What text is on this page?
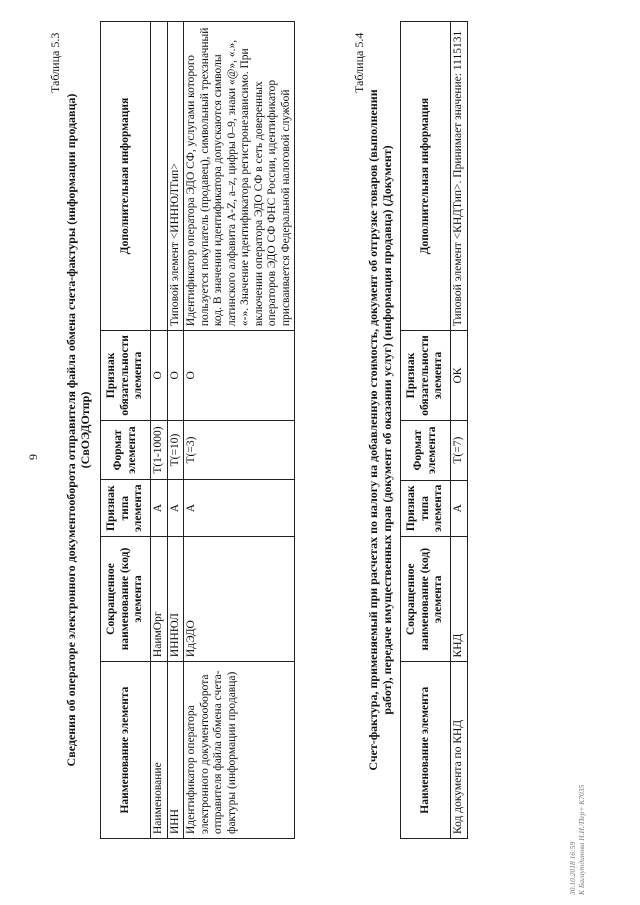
9
Таблица 5.3
Сведения об операторе электронного документооборота отправителя файла обмена счета-фактуры (информации продавца) (СвОЭДОтпр)
Наименование элемента	Сокращенное наименование (код) элемента	Признак типа элемента	Формат элемента	Признак обязательности элемента	Дополнительная информация
Наименование	НаимОрг	А	T(1-1000)	О	
ИНН	ИННЮЛ	А	T(=10)	О	Типовой элемент <ИННЮЛТип>
Идентификатор оператора электронного документооборота отправителя файла обмена счета-фактуры (информации продавца)	ИдЭДО	А	T(=3)	О	Идентификатор оператора ЭДО СФ, услугами которого пользуется покупатель (продавец), символьный трехзначный код. В значении идентификатора допускаются символы латинского алфавита A-Z, a–z, цифры 0–9, знаки «@», «.», «-». Значение идентификатора регистронезависимо. При включении оператора ЭДО СФ в сеть доверенных операторов ЭДО СФ ФНС России, идентификатор присваивается Федеральной налоговой службой
Таблица 5.4
Счет-фактура, применяемый при расчетах по налогу на добавленную стоимость, документ об отгрузке товаров (выполнении работ), передаче имущественных прав (документ об оказании услуг) (информация продавца) (Документ)
Наименование элемента	Сокращенное наименование (код) элемента	Признак типа элемента	Формат элемента	Признак обязательности элемента	Дополнительная информация
Код документа по КНД	КНД	А	T(=7)	ОК	Типовой элемент <КНДТип>. Принимает значение: 1115131
30.10.2018 16:59 К Багаутдинова Н.И./Пер+ К7035
